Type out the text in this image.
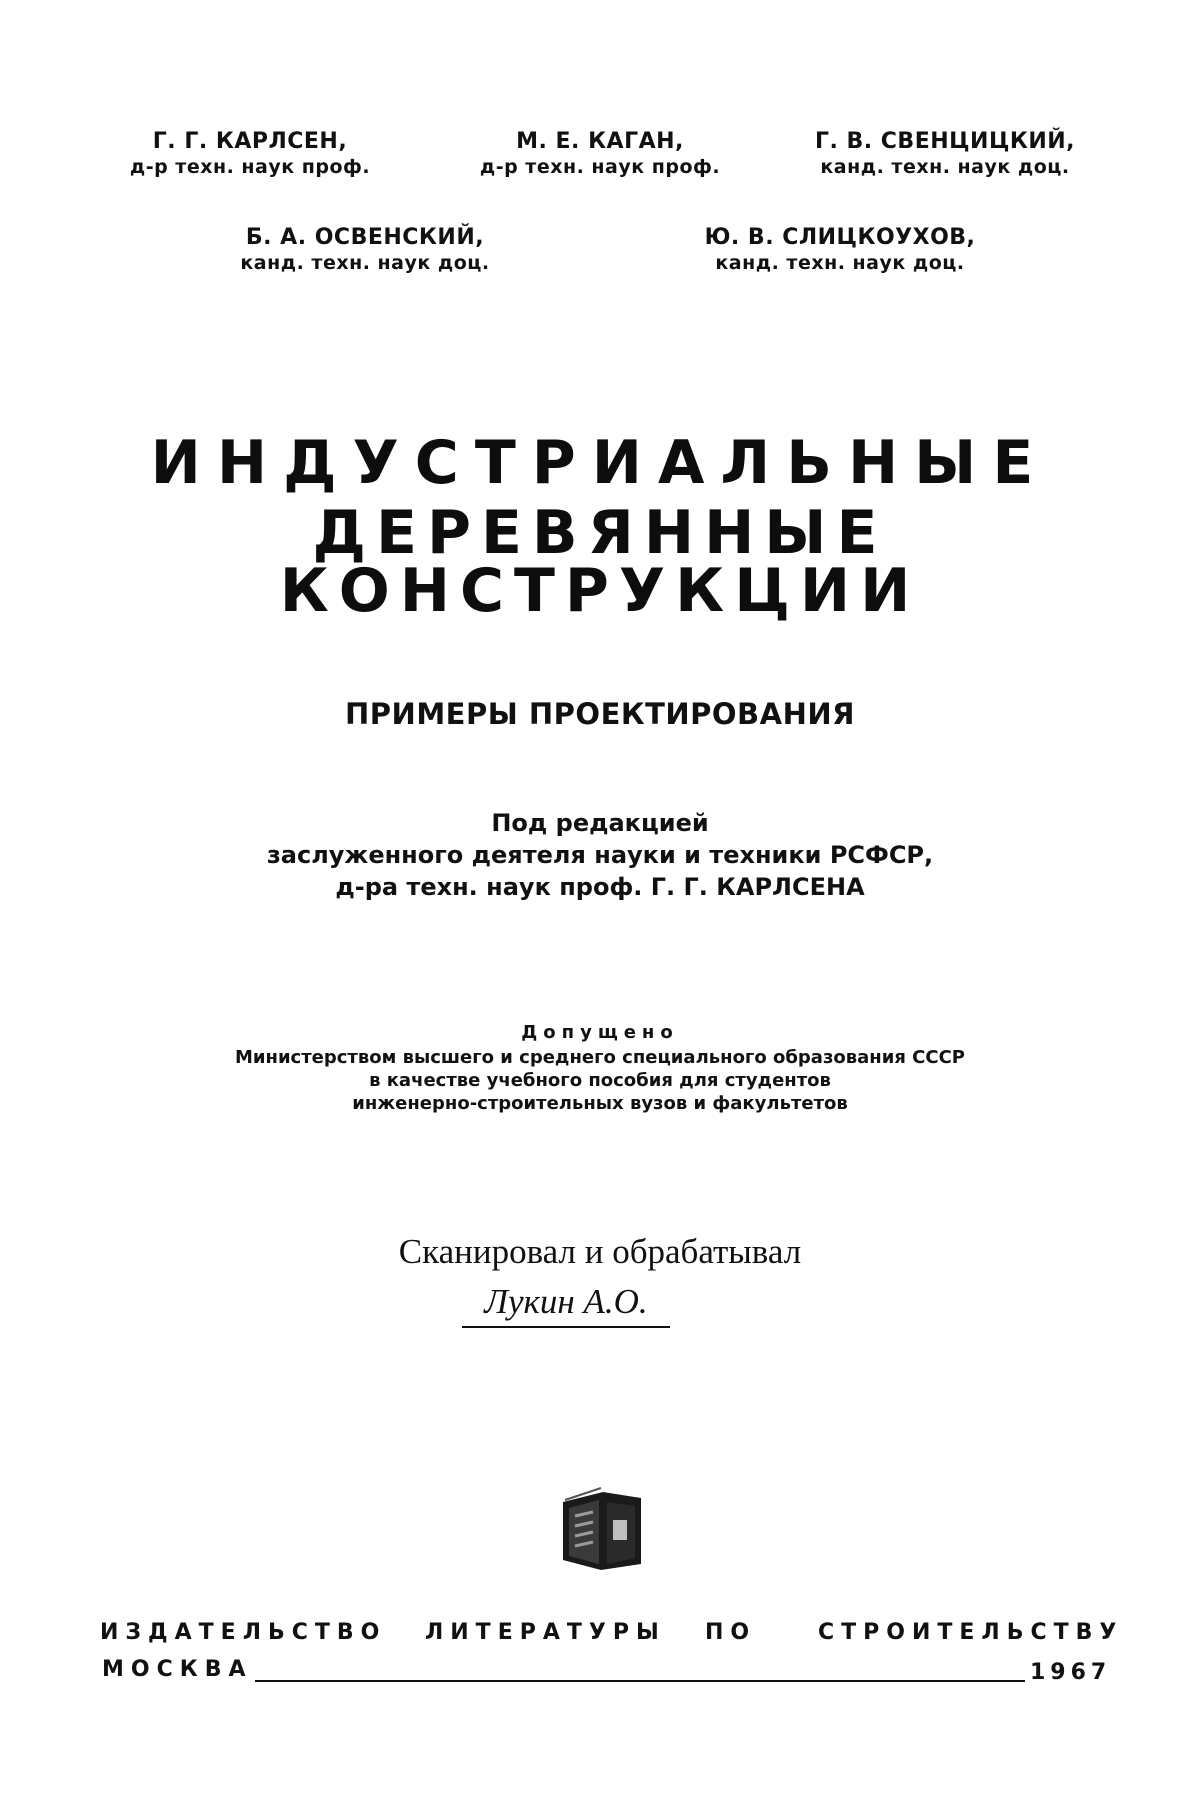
Г. Г. КАРЛСЕН,
д-р техн. наук проф.
М. Е. КАГАН,
д-р техн. наук проф.
Г. В. СВЕНЦИЦКИЙ,
канд. техн. наук доц.
Б. А. ОСВЕНСКИЙ,
канд. техн. наук доц.
Ю. В. СЛИЦКОУХОВ,
канд. техн. наук доц.
ИНДУСТРИАЛЬНЫЕ
ДЕРЕВЯННЫЕ
КОНСТРУКЦИИ
ПРИМЕРЫ ПРОЕКТИРОВАНИЯ
Под редакцией
заслуженного деятеля науки и техники РСФСР,
д-ра техн. наук проф. Г. Г. КАРЛСЕНА
Допущено
Министерством высшего и среднего специального образования СССР
в качестве учебного пособия для студентов
инженерно-строительных вузов и факультетов
Сканировал и обрабатывал
Лукин А.О.
ИЗДАТЕЛЬСТВО ЛИТЕРАТУРЫ ПО	СТРОИТЕЛЬСТВУ
МОСКВА	1967
